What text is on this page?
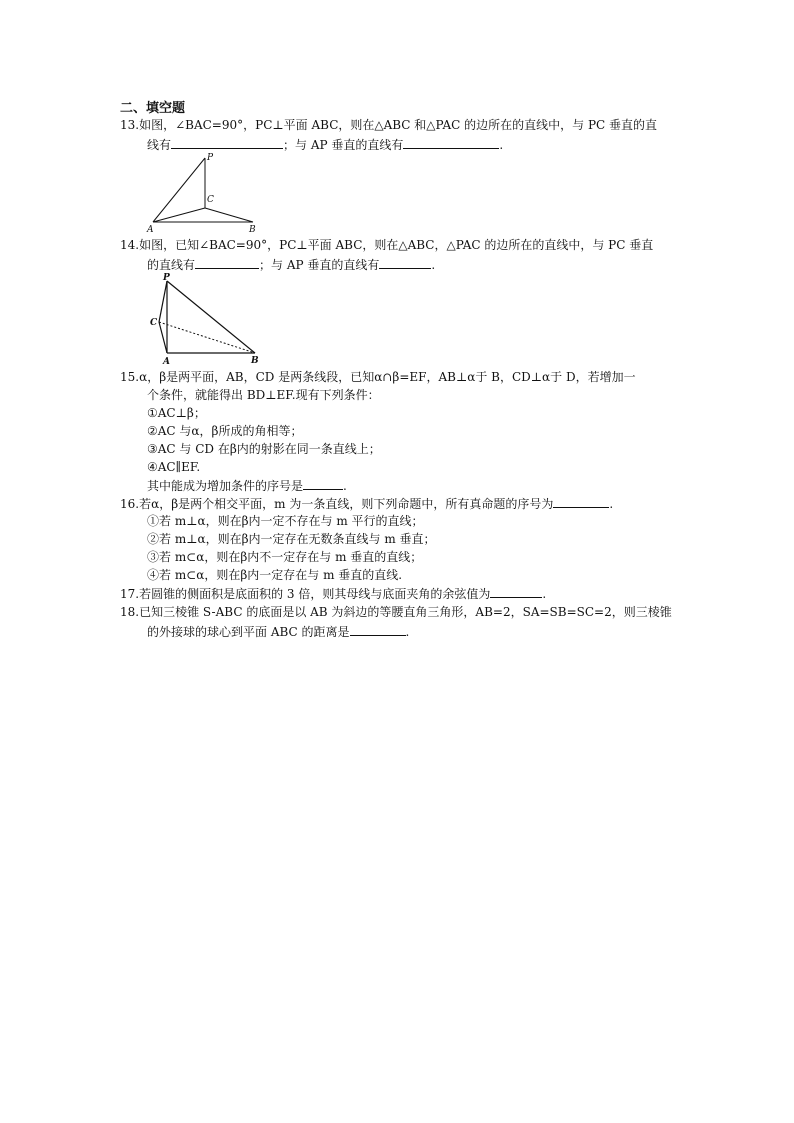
二、填空题
13.如图，∠BAC=90°，PC⊥平面 ABC，则在△ABC 和△PAC 的边所在的直线中，与 PC 垂直的直
线有	；与 AP 垂直的直线有	.
P
C
A	B
14.如图，已知∠BAC=90°，PC⊥平面 ABC，则在△ABC，△PAC 的边所在的直线中，与 PC 垂直
的直线有	；与 AP 垂直的直线有	.
P
C
A	B
15.α，β是两平面，AB，CD 是两条线段，已知α∩β=EF，AB⊥α于 B，CD⊥α于 D，若增加一
个条件，就能得出 BD⊥EF.现有下列条件：
①AC⊥β；
②AC 与α，β所成的角相等；
③AC 与 CD 在β内的射影在同一条直线上；
④AC∥EF.
其中能成为增加条件的序号是	.
16.若α，β是两个相交平面，m 为一条直线，则下列命题中，所有真命题的序号为	.
①若 m⊥α，则在β内一定不存在与 m 平行的直线；
②若 m⊥α，则在β内一定存在无数条直线与 m 垂直；
③若 m⊂α，则在β内不一定存在与 m 垂直的直线；
④若 m⊂α，则在β内一定存在与 m 垂直的直线.
17.若圆锥的侧面积是底面积的 3 倍，则其母线与底面夹角的余弦值为	.
18.已知三棱锥 S-ABC 的底面是以 AB 为斜边的等腰直角三角形，AB=2，SA=SB=SC=2，则三棱锥
的外接球的球心到平面 ABC 的距离是	.
